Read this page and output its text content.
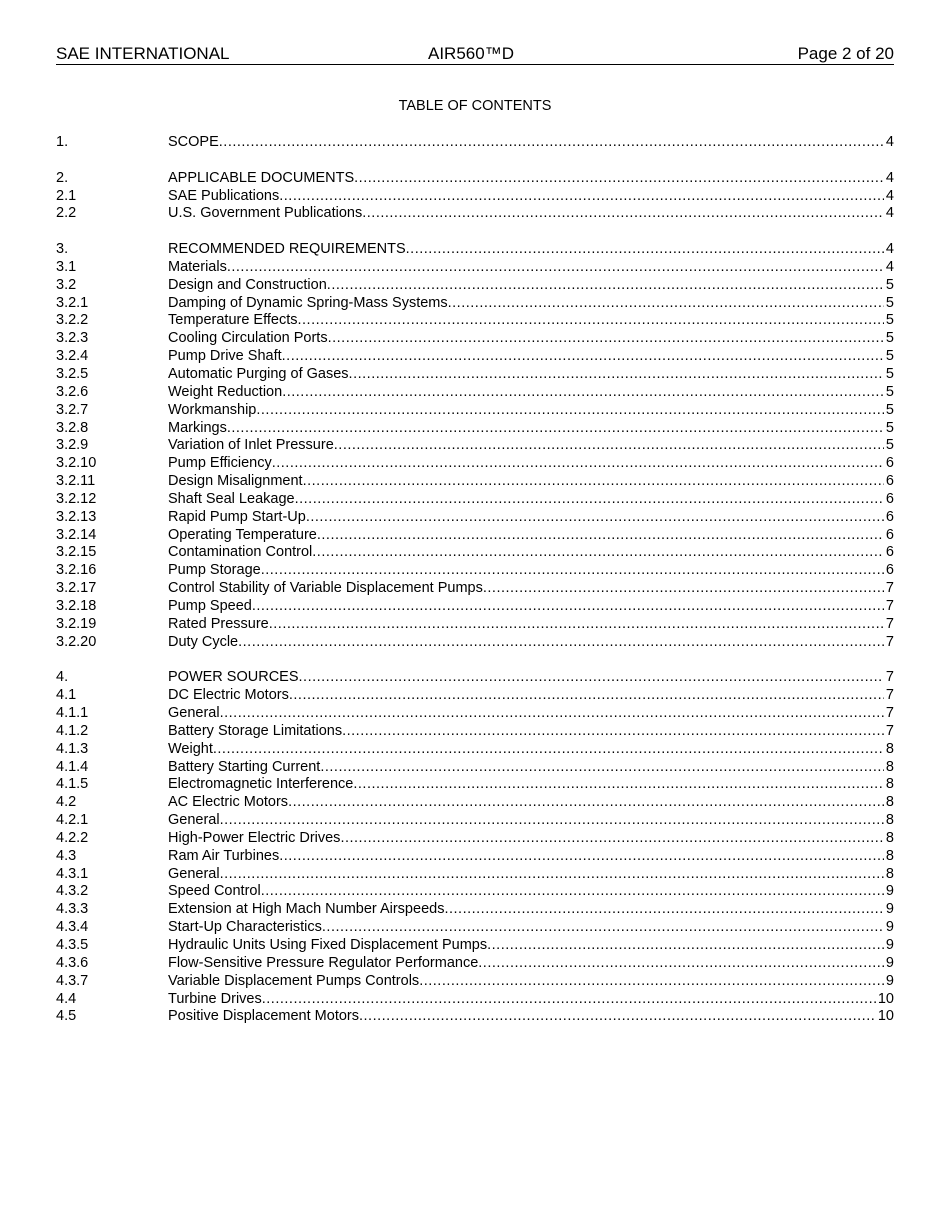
SAE INTERNATIONAL	AIR560™D	Page 2 of 20
TABLE OF CONTENTS
1.	SCOPE .....	4
2.	APPLICABLE DOCUMENTS .....	4
2.1	SAE Publications .....	4
2.2	U.S. Government Publications .....	4
3.	RECOMMENDED REQUIREMENTS .....	4
3.1	Materials .....	4
3.2	Design and Construction .....	5
3.2.1	Damping of Dynamic Spring-Mass Systems .....	5
3.2.2	Temperature Effects .....	5
3.2.3	Cooling Circulation Ports .....	5
3.2.4	Pump Drive Shaft .....	5
3.2.5	Automatic Purging of Gases .....	5
3.2.6	Weight Reduction .....	5
3.2.7	Workmanship .....	5
3.2.8	Markings .....	5
3.2.9	Variation of Inlet Pressure .....	5
3.2.10	Pump Efficiency .....	6
3.2.11	Design Misalignment .....	6
3.2.12	Shaft Seal Leakage .....	6
3.2.13	Rapid Pump Start-Up .....	6
3.2.14	Operating Temperature .....	6
3.2.15	Contamination Control .....	6
3.2.16	Pump Storage .....	6
3.2.17	Control Stability of Variable Displacement Pumps .....	7
3.2.18	Pump Speed .....	7
3.2.19	Rated Pressure .....	7
3.2.20	Duty Cycle .....	7
4.	POWER SOURCES .....	7
4.1	DC Electric Motors .....	7
4.1.1	General .....	7
4.1.2	Battery Storage Limitations .....	7
4.1.3	Weight .....	8
4.1.4	Battery Starting Current .....	8
4.1.5	Electromagnetic Interference .....	8
4.2	AC Electric Motors .....	8
4.2.1	General .....	8
4.2.2	High-Power Electric Drives .....	8
4.3	Ram Air Turbines .....	8
4.3.1	General .....	8
4.3.2	Speed Control .....	9
4.3.3	Extension at High Mach Number Airspeeds .....	9
4.3.4	Start-Up Characteristics .....	9
4.3.5	Hydraulic Units Using Fixed Displacement Pumps .....	9
4.3.6	Flow-Sensitive Pressure Regulator Performance .....	9
4.3.7	Variable Displacement Pumps Controls .....	9
4.4	Turbine Drives .....	10
4.5	Positive Displacement Motors .....	10
